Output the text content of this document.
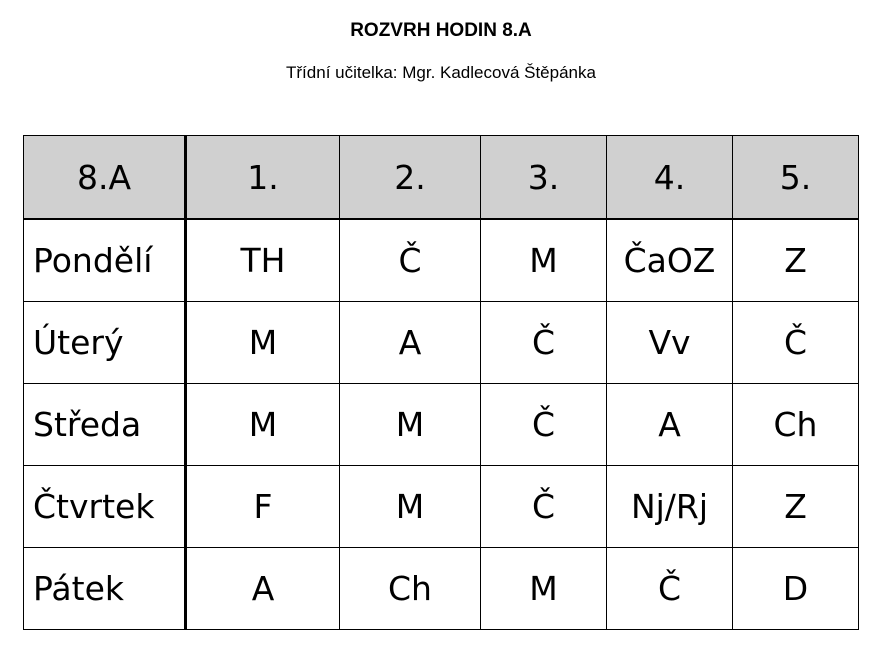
ROZVRH HODIN 8.A
Třídní učitelka: Mgr. Kadlecová Štěpánka
8.A	1.	2.	3.	4.	5.
Pondělí	TH	Č	M	ČaOZ	Z
Úterý	M	A	Č	Vv	Č
Středa	M	M	Č	A	Ch
Čtvrtek	F	M	Č	Nj/Rj	Z
Pátek	A	Ch	M	Č	D
